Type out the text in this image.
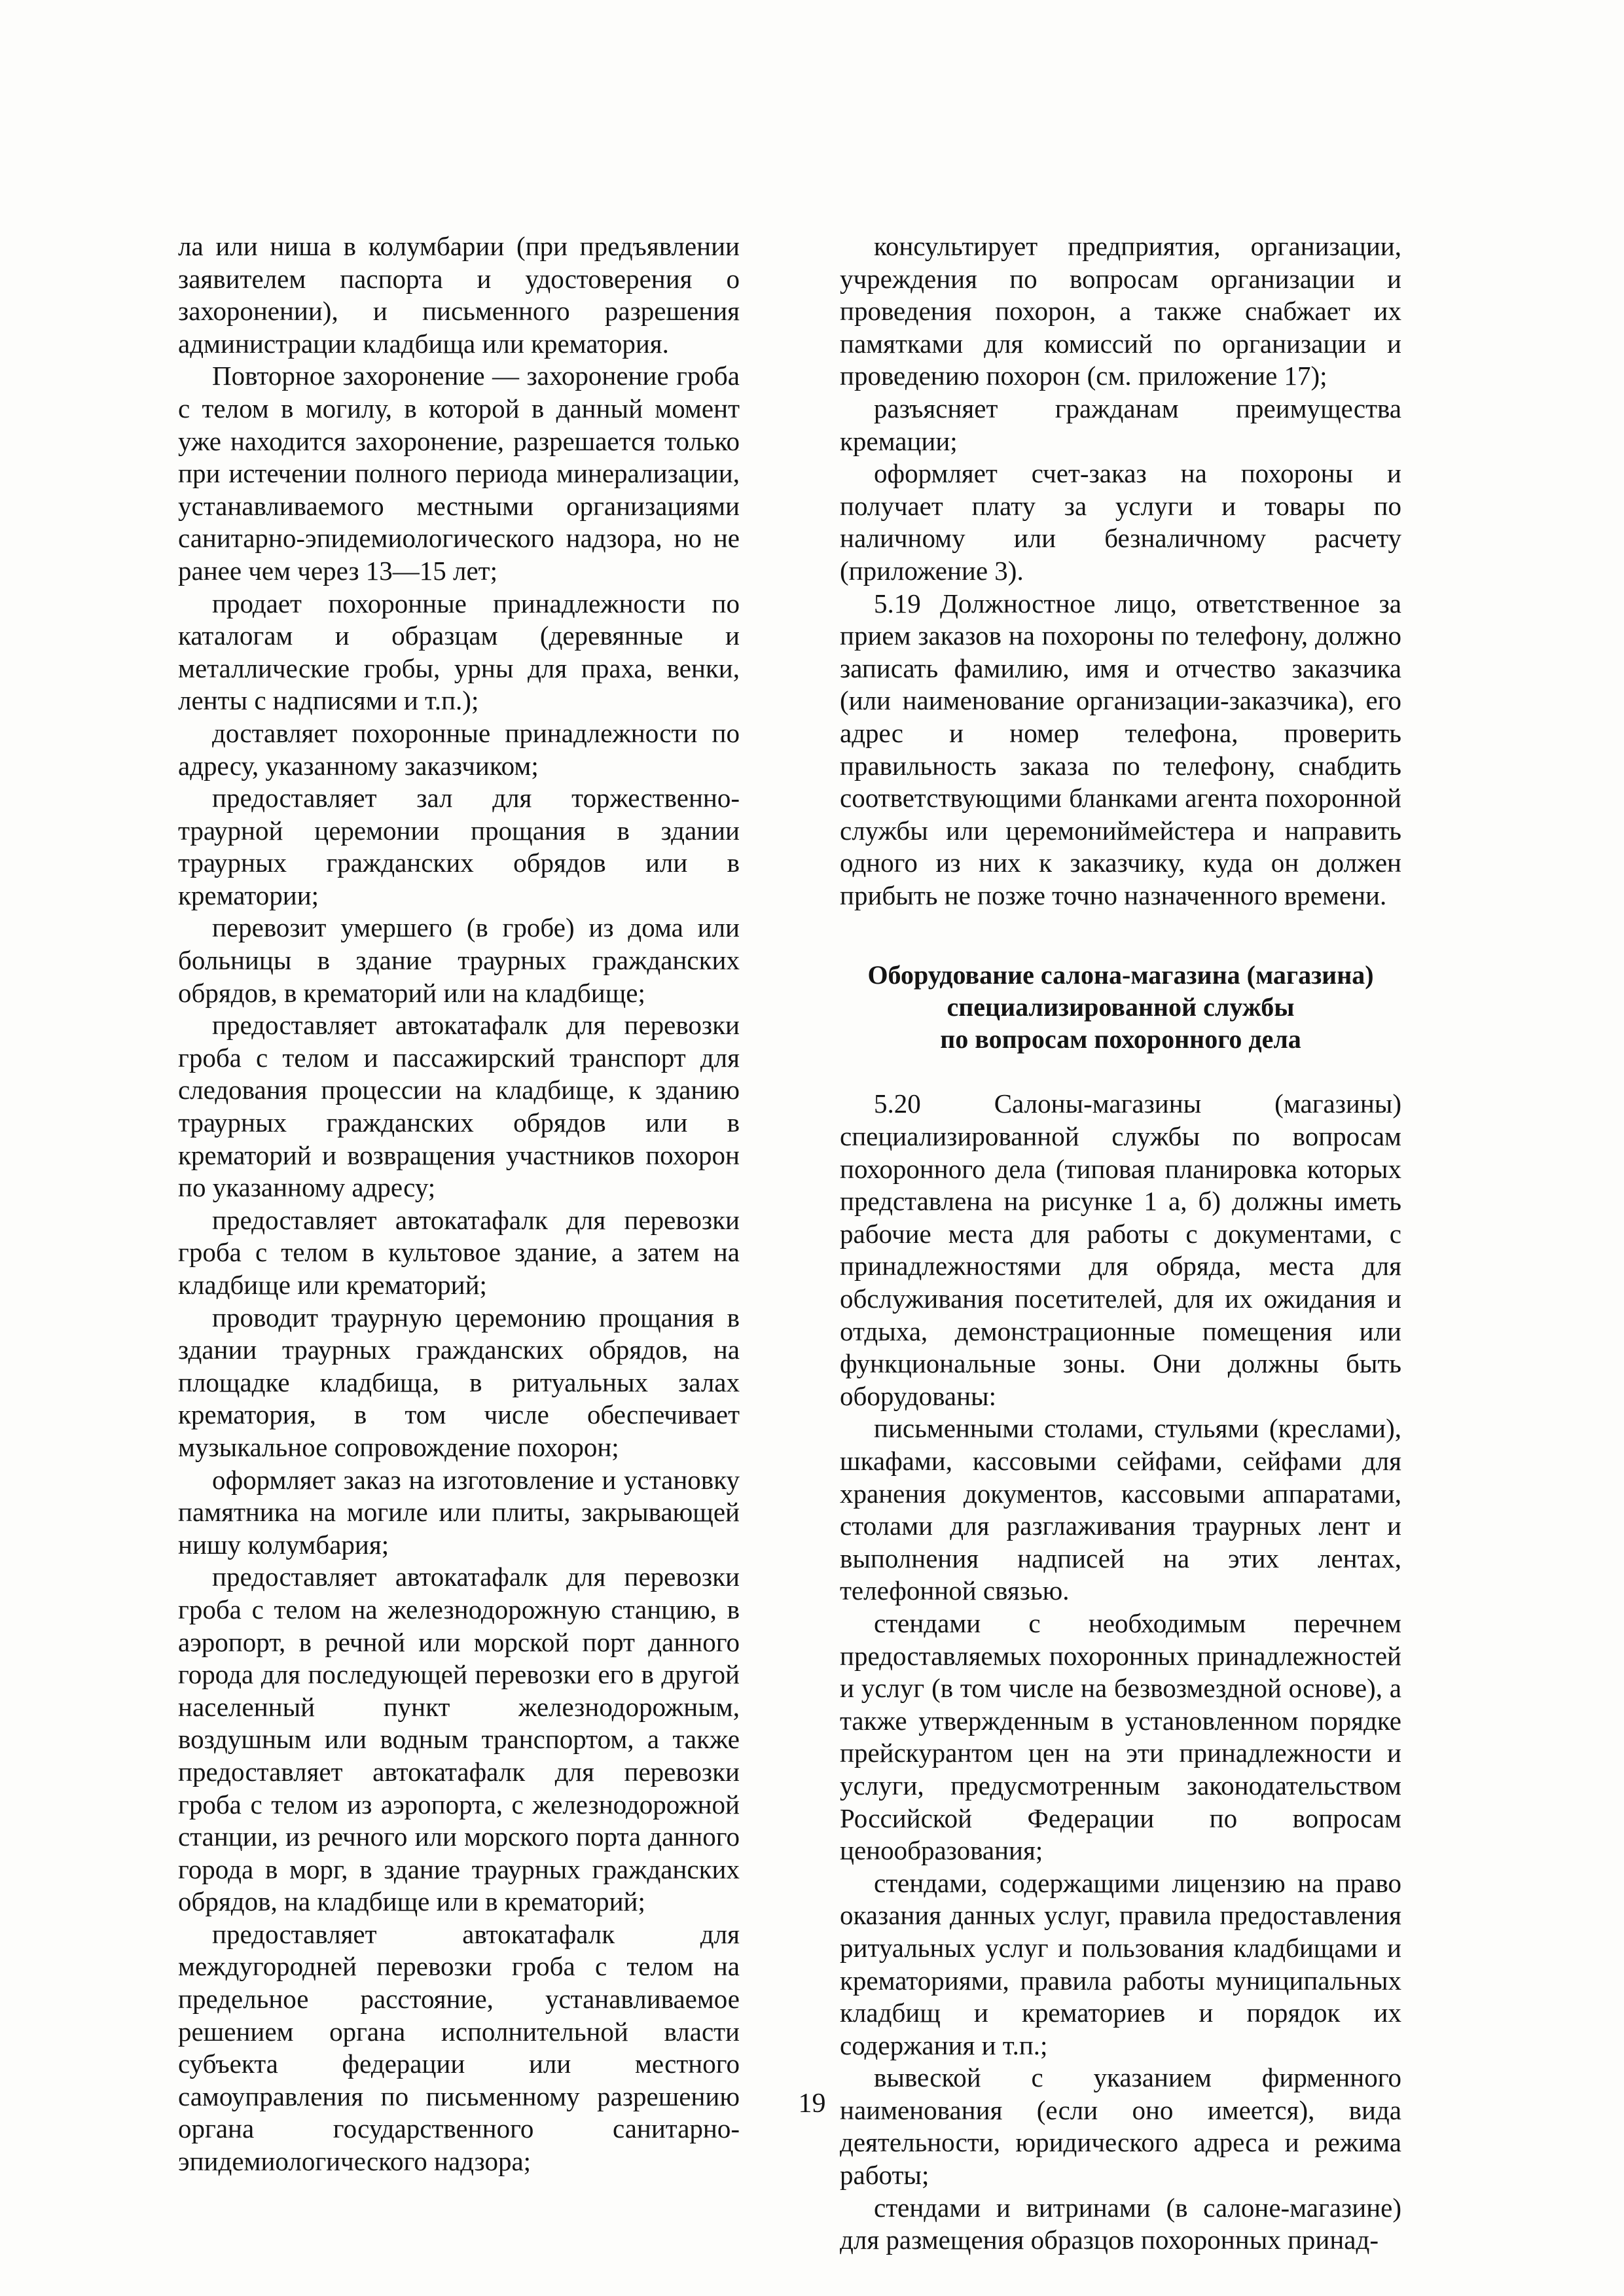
ла или ниша в колумбарии (при предъявлении заявителем паспорта и удостоверения о захоронении), и письменного разрешения администрации кладбища или крематория.

Повторное захоронение — захоронение гроба с телом в могилу, в которой в данный момент уже находится захоронение, разрешается только при истечении полного периода минерализации, устанавливаемого местными организациями санитарно-эпидемиологического надзора, но не ранее чем через 13—15 лет;

продает похоронные принадлежности по каталогам и образцам (деревянные и металлические гробы, урны для праха, венки, ленты с надписями и т.п.);

доставляет похоронные принадлежности по адресу, указанному заказчиком;

предоставляет зал для торжественно-траурной церемонии прощания в здании траурных гражданских обрядов или в крематории;

перевозит умершего (в гробе) из дома или больницы в здание траурных гражданских обрядов, в крематорий или на кладбище;

предоставляет автокатафалк для перевозки гроба с телом и пассажирский транспорт для следования процессии на кладбище, к зданию траурных гражданских обрядов или в крематорий и возвращения участников похорон по указанному адресу;

предоставляет автокатафалк для перевозки гроба с телом в культовое здание, а затем на кладбище или крематорий;

проводит траурную церемонию прощания в здании траурных гражданских обрядов, на площадке кладбища, в ритуальных залах крематория, в том числе обеспечивает музыкальное сопровождение похорон;

оформляет заказ на изготовление и установку памятника на могиле или плиты, закрывающей нишу колумбария;

предоставляет автокатафалк для перевозки гроба с телом на железнодорожную станцию, в аэропорт, в речной или морской порт данного города для последующей перевозки его в другой населенный пункт железнодорожным, воздушным или водным транспортом, а также предоставляет автокатафалк для перевозки гроба с телом из аэропорта, с железнодорожной станции, из речного или морского порта данного города в морг, в здание траурных гражданских обрядов, на кладбище или в крематорий;

предоставляет автокатафалк для междугородней перевозки гроба с телом на предельное расстояние, устанавливаемое решением органа исполнительной власти субъекта федерации или местного самоуправления по письменному разрешению органа государственного санитарно-эпидемиологического надзора;

консультирует предприятия, организации, учреждения по вопросам организации и проведения похорон, а также снабжает их памятками для комиссий по организации и проведению похорон (см. приложение 17);

разъясняет гражданам преимущества кремации;

оформляет счет-заказ на похороны и получает плату за услуги и товары по наличному или безналичному расчету (приложение 3).

5.19 Должностное лицо, ответственное за прием заказов на похороны по телефону, должно записать фамилию, имя и отчество заказчика (или наименование организации-заказчика), его адрес и номер телефона, проверить правильность заказа по телефону, снабдить соответствующими бланками агента похоронной службы или церемониймейстера и направить одного из них к заказчику, куда он должен прибыть не позже точно назначенного времени.

Оборудование салона-магазина (магазина)
специализированной службы
по вопросам похоронного дела

5.20 Салоны-магазины (магазины) специализированной службы по вопросам похоронного дела (типовая планировка которых представлена на рисунке 1 а, б) должны иметь рабочие места для работы с документами, с принадлежностями для обряда, места для обслуживания посетителей, для их ожидания и отдыха, демонстрационные помещения или функциональные зоны. Они должны быть оборудованы:

письменными столами, стульями (креслами), шкафами, кассовыми сейфами, сейфами для хранения документов, кассовыми аппаратами, столами для разглаживания траурных лент и выполнения надписей на этих лентах, телефонной связью.

стендами с необходимым перечнем предоставляемых похоронных принадлежностей и услуг (в том числе на безвозмездной основе), а также утвержденным в установленном порядке прейскурантом цен на эти принадлежности и услуги, предусмотренным законодательством Российской Федерации по вопросам ценообразования;

стендами, содержащими лицензию на право оказания данных услуг, правила предоставления ритуальных услуг и пользования кладбищами и крематориями, правила работы муниципальных кладбищ и крематориев и порядок их содержания и т.п.;

вывеской с указанием фирменного наименования (если оно имеется), вида деятельности, юридического адреса и режима работы;

стендами и витринами (в салоне-магазине) для размещения образцов похоронных принад-

19
